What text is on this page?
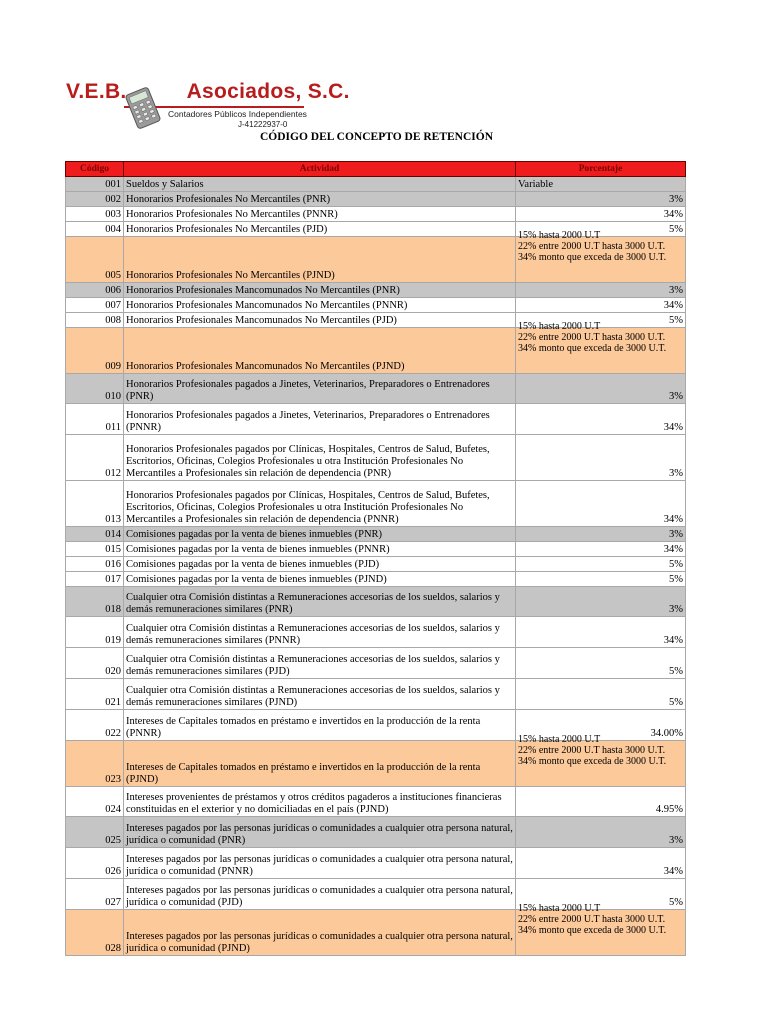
V.E.B.	Asociados, S.C.
Contadores Públicos Independientes
J-41222937-0
CÓDIGO DEL CONCEPTO DE RETENCIÓN
Código	Actividad	Porcentaje
001	Sueldos y Salarios	Variable
002	Honorarios Profesionales No Mercantiles (PNR)	3%
003	Honorarios Profesionales No Mercantiles (PNNR)	34%
004	Honorarios Profesionales No Mercantiles (PJD)	5%
005	Honorarios Profesionales No Mercantiles (PJND)	15% hasta 2000 U.T
22% entre 2000 U.T hasta 3000 U.T. 34% monto que exceda de 3000 U.T.

006	Honorarios Profesionales Mancomunados No Mercantiles (PNR)	3%
007	Honorarios Profesionales Mancomunados No Mercantiles (PNNR)	34%
008	Honorarios Profesionales Mancomunados No Mercantiles (PJD)	5%
009	Honorarios Profesionales Mancomunados No Mercantiles (PJND)	15% hasta 2000 U.T
22% entre 2000 U.T hasta 3000 U.T. 34% monto que exceda de 3000 U.T.

010	Honorarios Profesionales pagados a Jinetes, Veterinarios, Preparadores o Entrenadores (PNR)	3%
011	Honorarios Profesionales pagados a Jinetes, Veterinarios, Preparadores o Entrenadores (PNNR)	34%
012	Honorarios Profesionales pagados por Clínicas, Hospitales, Centros de Salud, Bufetes, Escritorios, Oficinas, Colegios Profesionales u otra Institución Profesionales No Mercantiles a Profesionales sin relación de dependencia (PNR)	3%
013	Honorarios Profesionales pagados por Clínicas, Hospitales, Centros de Salud, Bufetes, Escritorios, Oficinas, Colegios Profesionales u otra Institución Profesionales No Mercantiles a Profesionales sin relación de dependencia (PNNR)	34%
014	Comisiones pagadas por la venta de bienes inmuebles (PNR)	3%
015	Comisiones pagadas por la venta de bienes inmuebles (PNNR)	34%
016	Comisiones pagadas por la venta de bienes inmuebles (PJD)	5%
017	Comisiones pagadas por la venta de bienes inmuebles (PJND)	5%
018	Cualquier otra Comisión distintas a Remuneraciones accesorias de los sueldos, salarios y demás remuneraciones similares (PNR)	3%
019	Cualquier otra Comisión distintas a Remuneraciones accesorias de los sueldos, salarios y demás remuneraciones similares (PNNR)	34%
020	Cualquier otra Comisión distintas a Remuneraciones accesorias de los sueldos, salarios y demás remuneraciones similares (PJD)	5%
021	Cualquier otra Comisión distintas a Remuneraciones accesorias de los sueldos, salarios y demás remuneraciones similares (PJND)	5%
022	Intereses de Capitales tomados en préstamo e invertidos en la producción de la renta (PNNR)	34.00%
023	Intereses de Capitales tomados en préstamo e invertidos en la producción de la renta (PJND)	15% hasta 2000 U.T
22% entre 2000 U.T hasta 3000 U.T. 34% monto que exceda de 3000 U.T.

024	Intereses provenientes de préstamos y otros créditos pagaderos a instituciones financieras constituidas en el exterior y no domiciliadas en el país (PJND)	4.95%
025	Intereses pagados por las personas jurídicas o comunidades a cualquier otra persona natural, jurídica o comunidad (PNR)	3%
026	Intereses pagados por las personas jurídicas o comunidades a cualquier otra persona natural, jurídica o comunidad (PNNR)	34%
027	Intereses pagados por las personas jurídicas o comunidades a cualquier otra persona natural, jurídica o comunidad (PJD)	5%
028	Intereses pagados por las personas jurídicas o comunidades a cualquier otra persona natural, jurídica o comunidad (PJND)	15% hasta 2000 U.T
22% entre 2000 U.T hasta 3000 U.T. 34% monto que exceda de 3000 U.T.
